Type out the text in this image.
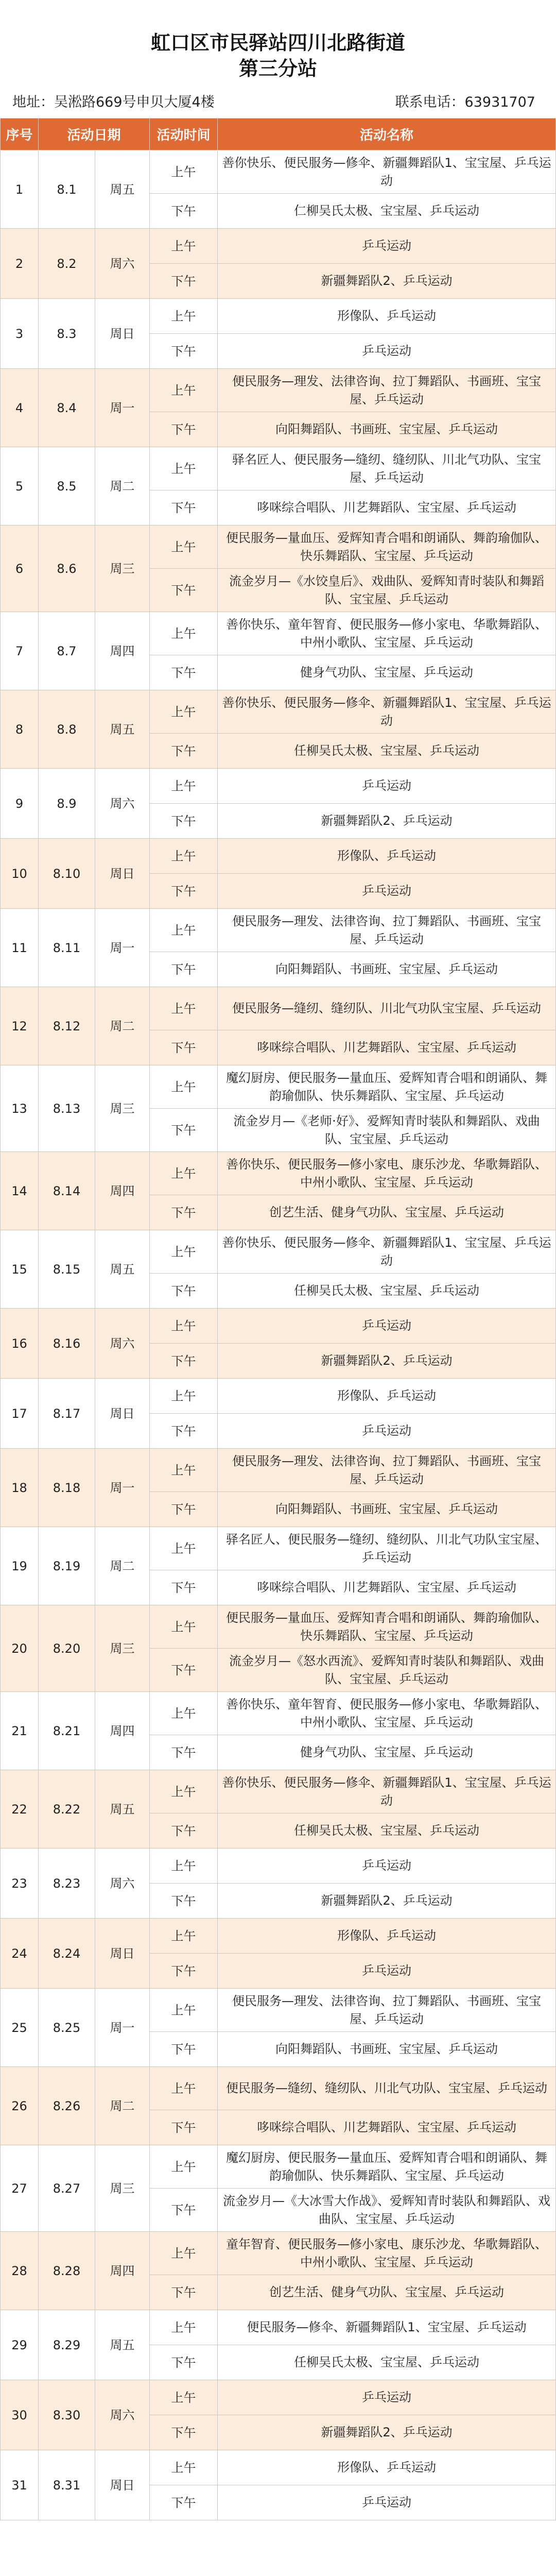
虹口区市民驿站四川北路街道
第三分站
地址：吴淞路669号申贝大厦4楼	联系电话：63931707
序号	活动日期		活动时间	活动名称
1	8.1	周五	上午	善你快乐、便民服务—修伞、新疆舞蹈队1、宝宝屋、乒乓运动
			下午	仁柳吴氏太极、宝宝屋、乒乓运动
2	8.2	周六	上午	乒乓运动
			下午	新疆舞蹈队2、乒乓运动
3	8.3	周日	上午	形像队、乒乓运动
			下午	乒乓运动
4	8.4	周一	上午	便民服务—理发、法律咨询、拉丁舞蹈队、书画班、宝宝屋、乒乓运动
			下午	向阳舞蹈队、书画班、宝宝屋、乒乓运动
5	8.5	周二	上午	驿名匠人、便民服务—缝纫、缝纫队、川北气功队、宝宝屋、乒乓运动
			下午	哆咪综合唱队、川艺舞蹈队、宝宝屋、乒乓运动
6	8.6	周三	上午	便民服务—量血压、爱辉知青合唱和朗诵队、舞韵瑜伽队、快乐舞蹈队、宝宝屋、乒乓运动
			下午	流金岁月—《水饺皇后》、戏曲队、爱辉知青时装队和舞蹈队、宝宝屋、乒乓运动
7	8.7	周四	上午	善你快乐、童年智育、便民服务—修小家电、华歌舞蹈队、中州小歌队、宝宝屋、乒乓运动
			下午	健身气功队、宝宝屋、乒乓运动
8	8.8	周五	上午	善你快乐、便民服务—修伞、新疆舞蹈队1、宝宝屋、乒乓运动
			下午	任柳吴氏太极、宝宝屋、乒乓运动
9	8.9	周六	上午	乒乓运动
			下午	新疆舞蹈队2、乒乓运动
10	8.10	周日	上午	形像队、乒乓运动
			下午	乒乓运动
11	8.11	周一	上午	便民服务—理发、法律咨询、拉丁舞蹈队、书画班、宝宝屋、乒乓运动
			下午	向阳舞蹈队、书画班、宝宝屋、乒乓运动
12	8.12	周二	上午	便民服务—缝纫、缝纫队、川北气功队宝宝屋、乒乓运动
			下午	哆咪综合唱队、川艺舞蹈队、宝宝屋、乒乓运动
13	8.13	周三	上午	魔幻厨房、便民服务—量血压、爱辉知青合唱和朗诵队、舞韵瑜伽队、快乐舞蹈队、宝宝屋、乒乓运动
			下午	流金岁月—《老师·好》、爱辉知青时装队和舞蹈队、戏曲队、宝宝屋、乒乓运动
14	8.14	周四	上午	善你快乐、便民服务—修小家电、康乐沙龙、华歌舞蹈队、中州小歌队、宝宝屋、乒乓运动
			下午	创艺生活、健身气功队、宝宝屋、乒乓运动
15	8.15	周五	上午	善你快乐、便民服务—修伞、新疆舞蹈队1、宝宝屋、乒乓运动
			下午	任柳吴氏太极、宝宝屋、乒乓运动
16	8.16	周六	上午	乒乓运动
			下午	新疆舞蹈队2、乒乓运动
17	8.17	周日	上午	形像队、乒乓运动
			下午	乒乓运动
18	8.18	周一	上午	便民服务—理发、法律咨询、拉丁舞蹈队、书画班、宝宝屋、乒乓运动
			下午	向阳舞蹈队、书画班、宝宝屋、乒乓运动
19	8.19	周二	上午	驿名匠人、便民服务—缝纫、缝纫队、川北气功队宝宝屋、乒乓运动
			下午	哆咪综合唱队、川艺舞蹈队、宝宝屋、乒乓运动
20	8.20	周三	上午	便民服务—量血压、爱辉知青合唱和朗诵队、舞韵瑜伽队、快乐舞蹈队、宝宝屋、乒乓运动
			下午	流金岁月—《怒水西流》、爱辉知青时装队和舞蹈队、戏曲队、宝宝屋、乒乓运动
21	8.21	周四	上午	善你快乐、童年智育、便民服务—修小家电、华歌舞蹈队、中州小歌队、宝宝屋、乒乓运动
			下午	健身气功队、宝宝屋、乒乓运动
22	8.22	周五	上午	善你快乐、便民服务—修伞、新疆舞蹈队1、宝宝屋、乒乓运动
			下午	任柳吴氏太极、宝宝屋、乒乓运动
23	8.23	周六	上午	乒乓运动
			下午	新疆舞蹈队2、乒乓运动
24	8.24	周日	上午	形像队、乒乓运动
			下午	乒乓运动
25	8.25	周一	上午	便民服务—理发、法律咨询、拉丁舞蹈队、书画班、宝宝屋、乒乓运动
			下午	向阳舞蹈队、书画班、宝宝屋、乒乓运动
26	8.26	周二	上午	便民服务—缝纫、缝纫队、川北气功队、宝宝屋、乒乓运动
			下午	哆咪综合唱队、川艺舞蹈队、宝宝屋、乒乓运动
27	8.27	周三	上午	魔幻厨房、便民服务—量血压、爱辉知青合唱和朗诵队、舞韵瑜伽队、快乐舞蹈队、宝宝屋、乒乓运动
			下午	流金岁月—《大冰雪大作战》、爱辉知青时装队和舞蹈队、戏曲队、宝宝屋、乒乓运动
28	8.28	周四	上午	童年智育、便民服务—修小家电、康乐沙龙、华歌舞蹈队、中州小歌队、宝宝屋、乒乓运动
			下午	创艺生活、健身气功队、宝宝屋、乒乓运动
29	8.29	周五	上午	便民服务—修伞、新疆舞蹈队1、宝宝屋、乒乓运动
			下午	任柳吴氏太极、宝宝屋、乒乓运动
30	8.30	周六	上午	乒乓运动
			下午	新疆舞蹈队2、乒乓运动
31	8.31	周日	上午	形像队、乒乓运动
			下午	乒乓运动
